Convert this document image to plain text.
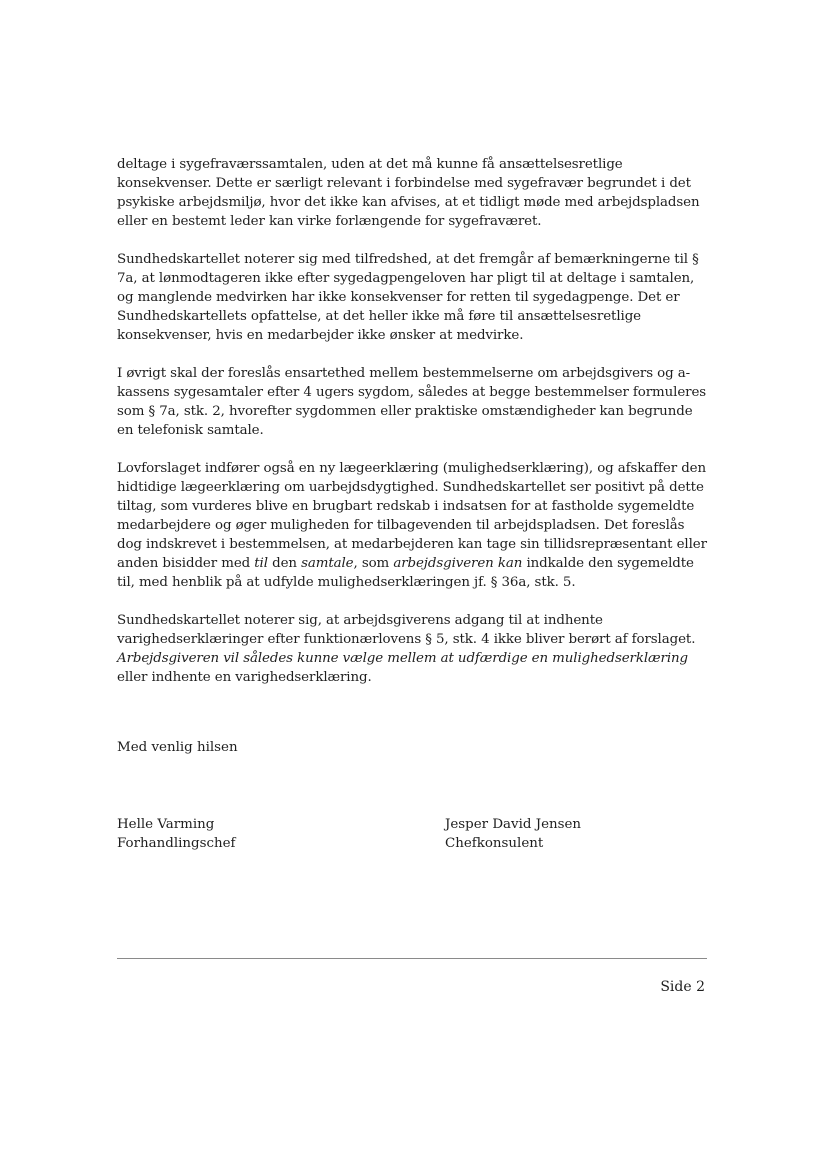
deltage i sygefraværssamtalen, uden at det må kunne få ansættelsesretlige konsekvenser. Dette er særligt relevant i forbindelse med sygefravær begrundet i det psykiske arbejdsmiljø, hvor det ikke kan afvises, at et tidligt møde med arbejdspladsen eller en bestemt leder kan virke forlængende for sygefraværet.

Sundhedskartellet noterer sig med tilfredshed, at det fremgår af bemærkningerne til § 7a, at lønmodtageren ikke efter sygedagpengeloven har pligt til at deltage i samtalen, og manglende medvirken har ikke konsekvenser for retten til sygedagpenge. Det er Sundhedskartellets opfattelse, at det heller ikke må føre til ansættelsesretlige konsekvenser, hvis en medarbejder ikke ønsker at medvirke.

I øvrigt skal der foreslås ensartethed mellem bestemmelserne om arbejdsgivers og a-kassens sygesamtaler efter 4 ugers sygdom, således at begge bestemmelser formuleres som § 7a, stk. 2, hvorefter sygdommen eller praktiske omstændigheder kan begrunde en telefonisk samtale.

Lovforslaget indfører også en ny lægeerklæring (mulighedserklæring), og afskaffer den hidtidige lægeerklæring om uarbejdsdygtighed. Sundhedskartellet ser positivt på dette tiltag, som vurderes blive en brugbart redskab i indsatsen for at fastholde sygemeldte medarbejdere og øger muligheden for tilbagevenden til arbejdspladsen. Det foreslås dog indskrevet i bestemmelsen, at medarbejderen kan tage sin tillidsrepræsentant eller anden bisidder med til den samtale, som arbejdsgiveren kan indkalde den sygemeldte til, med henblik på at udfylde mulighedserklæringen jf. § 36a, stk. 5.

Sundhedskartellet noterer sig, at arbejdsgiverens adgang til at indhente varighedserklæringer efter funktionærlovens § 5, stk. 4 ikke bliver berørt af forslaget. Arbejdsgiveren vil således kunne vælge mellem at udfærdige en mulighedserklæring eller indhente en varighedserklæring.

Med venlig hilsen
Helle Varming
Forhandlingschef
Jesper David Jensen
Chefkonsulent
Side 2
